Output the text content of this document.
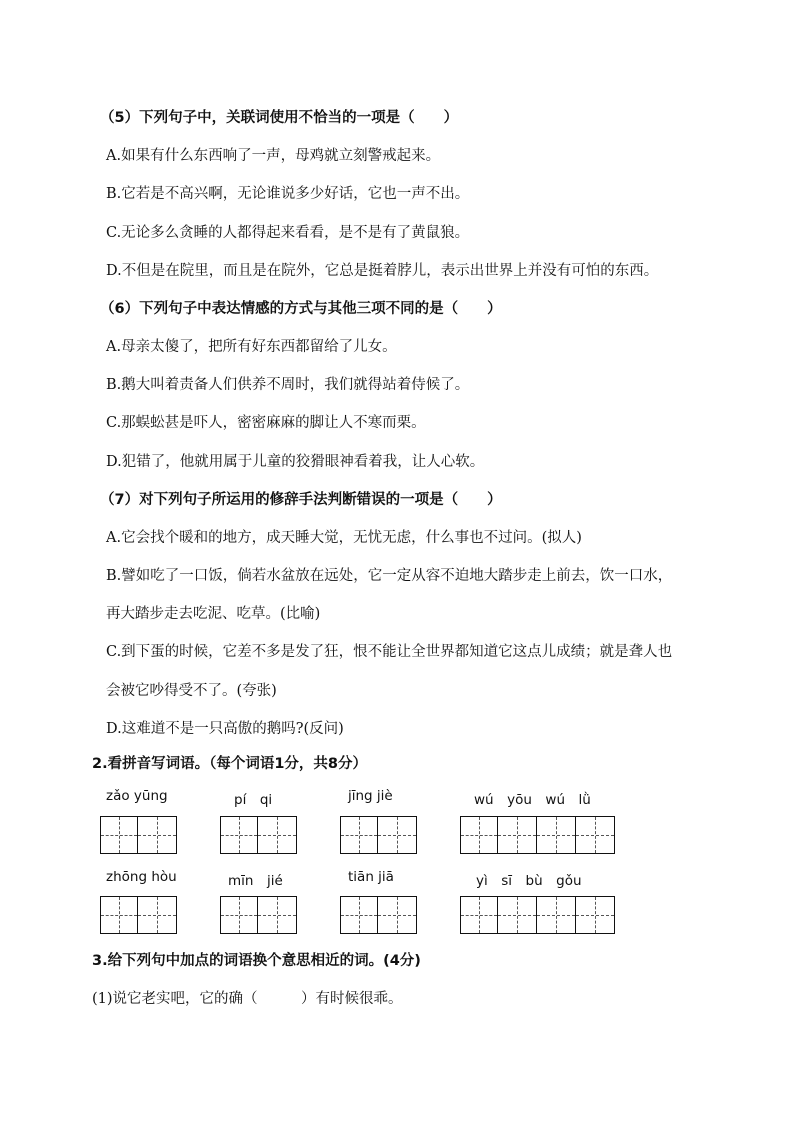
（5）下列句子中，关联词使用不恰当的一项是（　　）
A.如果有什么东西响了一声，母鸡就立刻警戒起来。
B.它若是不高兴啊，无论谁说多少好话，它也一声不出。
C.无论多么贪睡的人都得起来看看，是不是有了黄鼠狼。
D.不但是在院里，而且是在院外，它总是挺着脖儿，表示出世界上并没有可怕的东西。
（6）下列句子中表达情感的方式与其他三项不同的是（　　）
A.母亲太傻了，把所有好东西都留给了儿女。
B.鹅大叫着责备人们供养不周时，我们就得站着侍候了。
C.那蜈蚣甚是吓人，密密麻麻的脚让人不寒而栗。
D.犯错了，他就用属于儿童的狡猾眼神看着我，让人心软。
（7）对下列句子所运用的修辞手法判断错误的一项是（　　）
A.它会找个暖和的地方，成天睡大觉，无忧无虑，什么事也不过问。(拟人)
B.譬如吃了一口饭，倘若水盆放在远处，它一定从容不迫地大踏步走上前去，饮一口水，
再大踏步走去吃泥、吃草。(比喻)
C.到下蛋的时候，它差不多是发了狂，恨不能让全世界都知道它这点儿成绩；就是聋人也
会被它吵得受不了。(夸张)
D.这难道不是一只高傲的鹅吗?(反问)
2.看拼音写词语。（每个词语1分，共8分）
zǎo yūng	pí　qi	jīng jiè	wú　yōu　wú　lǜ
zhōng hòu	mīn　jié	tiān jiā	yì　sī　bù　gǒu
3.给下列句中加点的词语换个意思相近的词。(4分)
(1)说它老实吧，它的确（　　　）有时候很乖。
